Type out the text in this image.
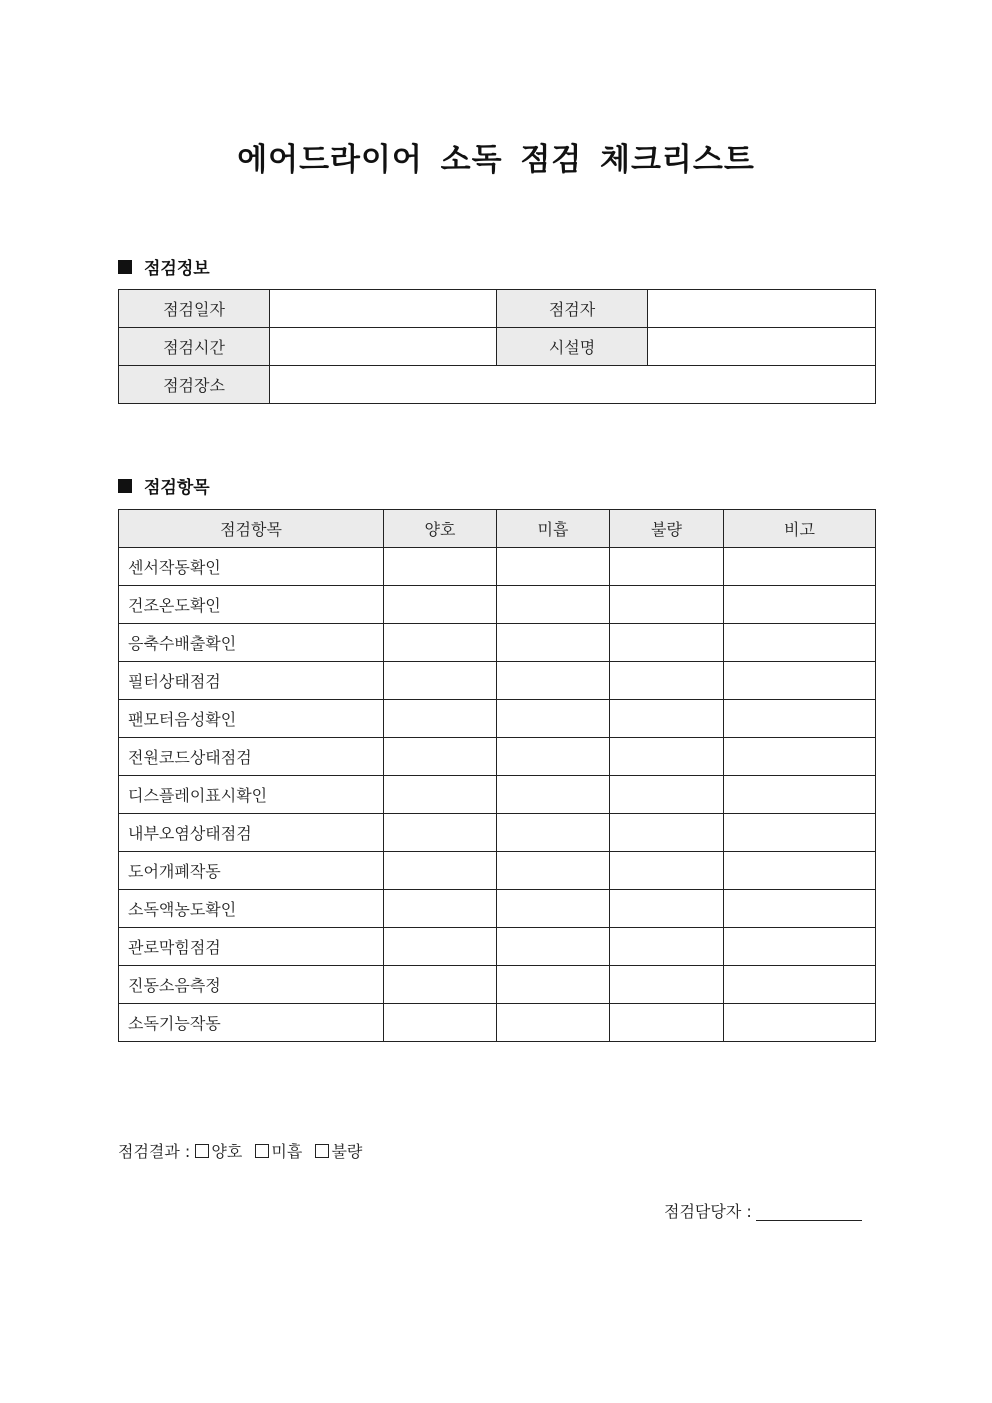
에어드라이어 소독 점검 체크리스트
점검정보
점검일자		점검자	
점검시간		시설명	
점검장소			
점검항목
점검항목	양호	미흡	불량	비고
센서작동확인				
건조온도확인				
응축수배출확인				
필터상태점검				
팬모터음성확인				
전원코드상태점검				
디스플레이표시확인				
내부오염상태점검				
도어개폐작동				
소독액농도확인				
관로막힘점검				
진동소음측정				
소독기능작동				
점검결과 : 양호 미흡 불량
점검담당자 :
